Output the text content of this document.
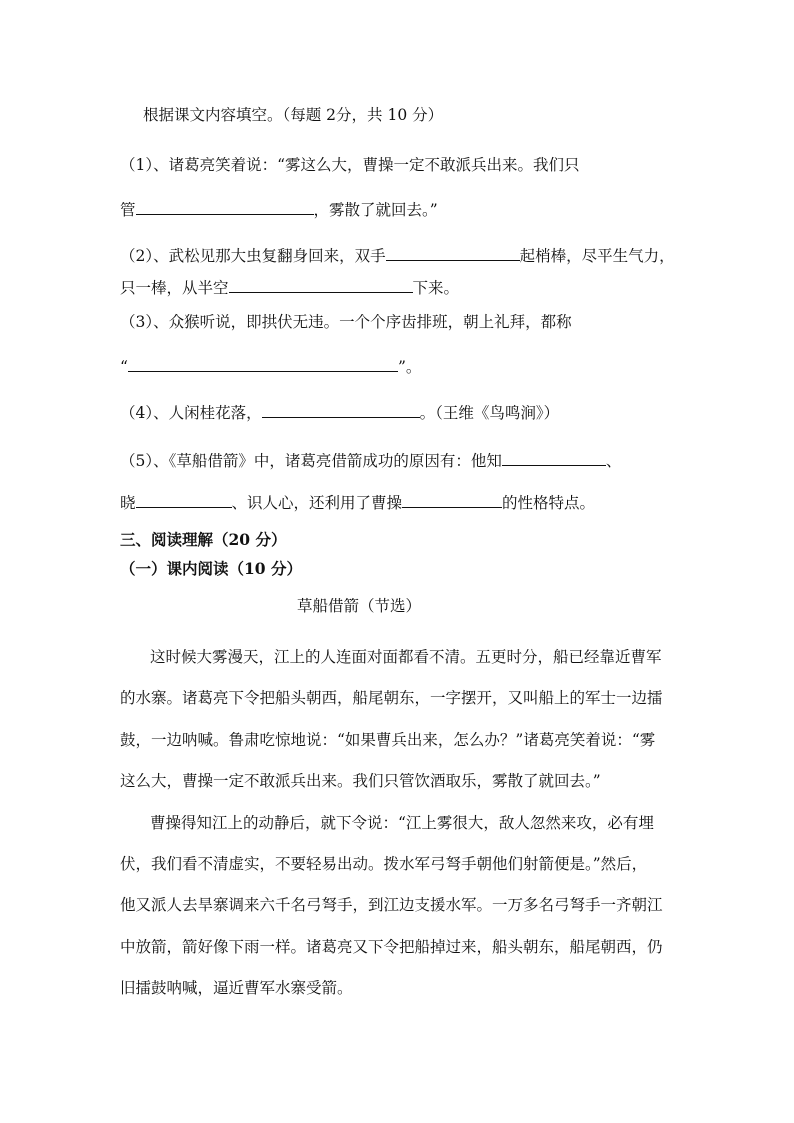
根据课文内容填空。（每题 2分，共 10 分）
（1）、诸葛亮笑着说：“雾这么大，曹操一定不敢派兵出来。我们只
管	，雾散了就回去。”
（2）、武松见那大虫复翻身回来，双手	起梢棒，尽平生气力，
只一棒，从半空	下来。
（3）、众猴听说，即拱伏无违。一个个序齿排班，朝上礼拜，都称
“	”。
（4）、人闲桂花落，	。（王维《鸟鸣涧》）
（5）、《草船借箭》中，诸葛亮借箭成功的原因有：他知	、
晓	、识人心，还利用了曹操	的性格特点。
三、阅读理解（20 分）
（一）课内阅读（10 分）
草船借箭（节选）
这时候大雾漫天，江上的人连面对面都看不清。五更时分，船已经靠近曹军
的水寨。诸葛亮下令把船头朝西，船尾朝东，一字摆开，又叫船上的军士一边擂
鼓，一边呐喊。鲁肃吃惊地说：“如果曹兵出来，怎么办？”诸葛亮笑着说：“雾
这么大，曹操一定不敢派兵出来。我们只管饮酒取乐，雾散了就回去。”
曹操得知江上的动静后，就下令说：“江上雾很大，敌人忽然来攻，必有埋
伏，我们看不清虚实，不要轻易出动。拨水军弓弩手朝他们射箭便是。”然后，
他又派人去旱寨调来六千名弓弩手，到江边支援水军。一万多名弓弩手一齐朝江
中放箭，箭好像下雨一样。诸葛亮又下令把船掉过来，船头朝东，船尾朝西，仍
旧擂鼓呐喊，逼近曹军水寨受箭。
